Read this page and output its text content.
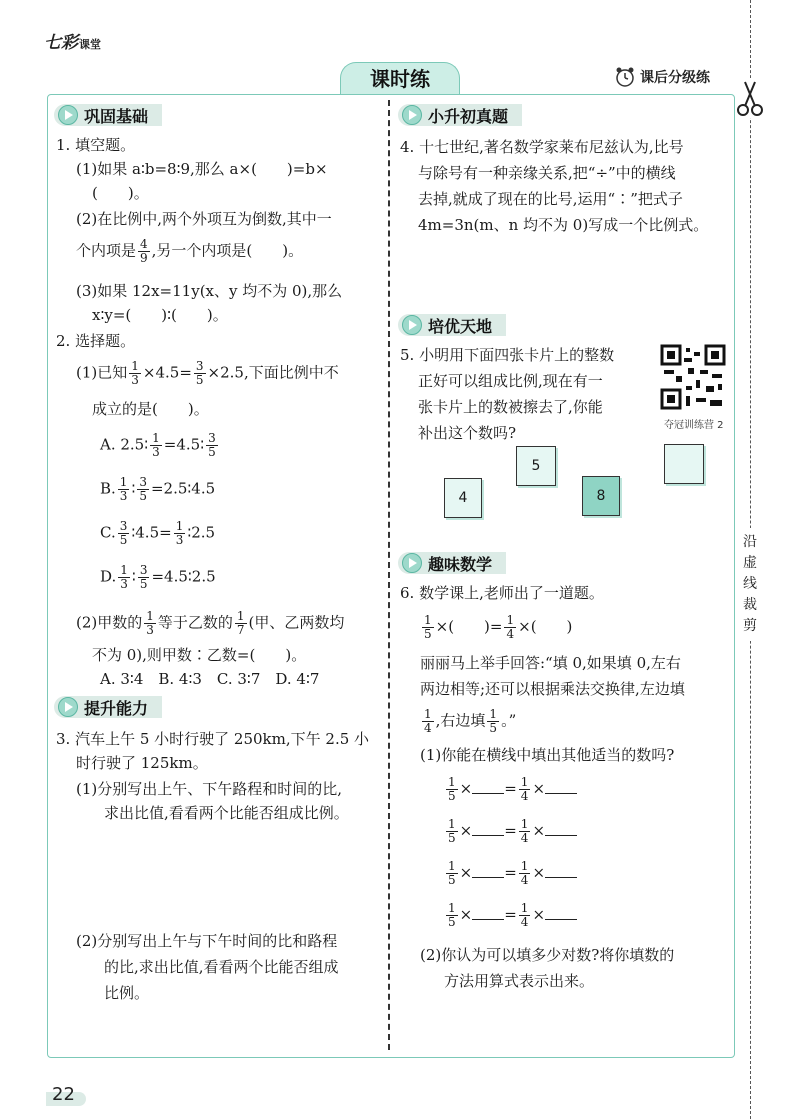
七彩课堂
课时练	课后分级练
沿
虚
线
裁
剪
巩固基础
1. 填空题。
(1)如果 a∶b=8∶9,那么 a×(　　)=b×
(　　)。
(2)在比例中,两个外项互为倒数,其中一
个内项是 $\frac{4}{9}$ ,另一个内项是(　　)。
(3)如果 12x=11y(x、y 均不为 0),那么
x∶y=(　　)∶(　　)。
2. 选择题。
(1)已知 $\frac{1}{3} \times 4.5= \frac{3}{5} \times 2.5$,下面比例中不
成立的是(　　)。
A. 2.5∶ $\frac{1}{3}$ =4.5∶ $\frac{3}{5}$
B. $\frac{1}{3}$ ∶ $\frac{3}{5}$ =2.5∶4.5
C. $\frac{3}{5}$ ∶4.5= $\frac{1}{3}$ ∶2.5
D. $\frac{1}{3}$ ∶ $\frac{3}{5}$ =4.5∶2.5
(2)甲数的 $\frac{1}{3}$ 等于乙数的 $\frac{1}{7}$ (甲、乙两数均
不为 0),则甲数∶乙数=(　　)。
A. 3∶4　B. 4∶3　C. 3∶7　D. 4∶7
提升能力
3. 汽车上午 5 小时行驶了 250km,下午 2.5 小
时行驶了 125km。
(1)分别写出上午、下午路程和时间的比,
求出比值,看看两个比能否组成比例。
(2)分别写出上午与下午时间的比和路程
的比,求出比值,看看两个比能否组成
比例。
小升初真题
4. 十七世纪,著名数学家莱布尼兹认为,比号
与除号有一种亲缘关系,把“÷”中的横线
去掉,就成了现在的比号,运用“∶”把式子
4m=3n(m、n 均不为 0)写成一个比例式。
培优天地
5. 小明用下面四张卡片上的整数
正好可以组成比例,现在有一
张卡片上的数被擦去了,你能
补出这个数吗?	夺冠训练营 2
4
5
8
趣味数学
6. 数学课上,老师出了一道题。
$\frac{1}{5}$ ×(　　)= $\frac{1}{4}$ ×(　　)
丽丽马上举手回答:“填 0,如果填 0,左右
两边相等;还可以根据乘法交换律,左边填
$\frac{1}{4}$ ,右边填 $\frac{1}{5}$ 。”
(1)你能在横线中填出其他适当的数吗?
$\frac{1}{5}$ × = $\frac{1}{4}$ ×
$\frac{1}{5}$ × = $\frac{1}{4}$ ×
$\frac{1}{5}$ × = $\frac{1}{4}$ ×
$\frac{1}{5}$ × = $\frac{1}{4}$ ×
(2)你认为可以填多少对数?将你填数的
方法用算式表示出来。
22
